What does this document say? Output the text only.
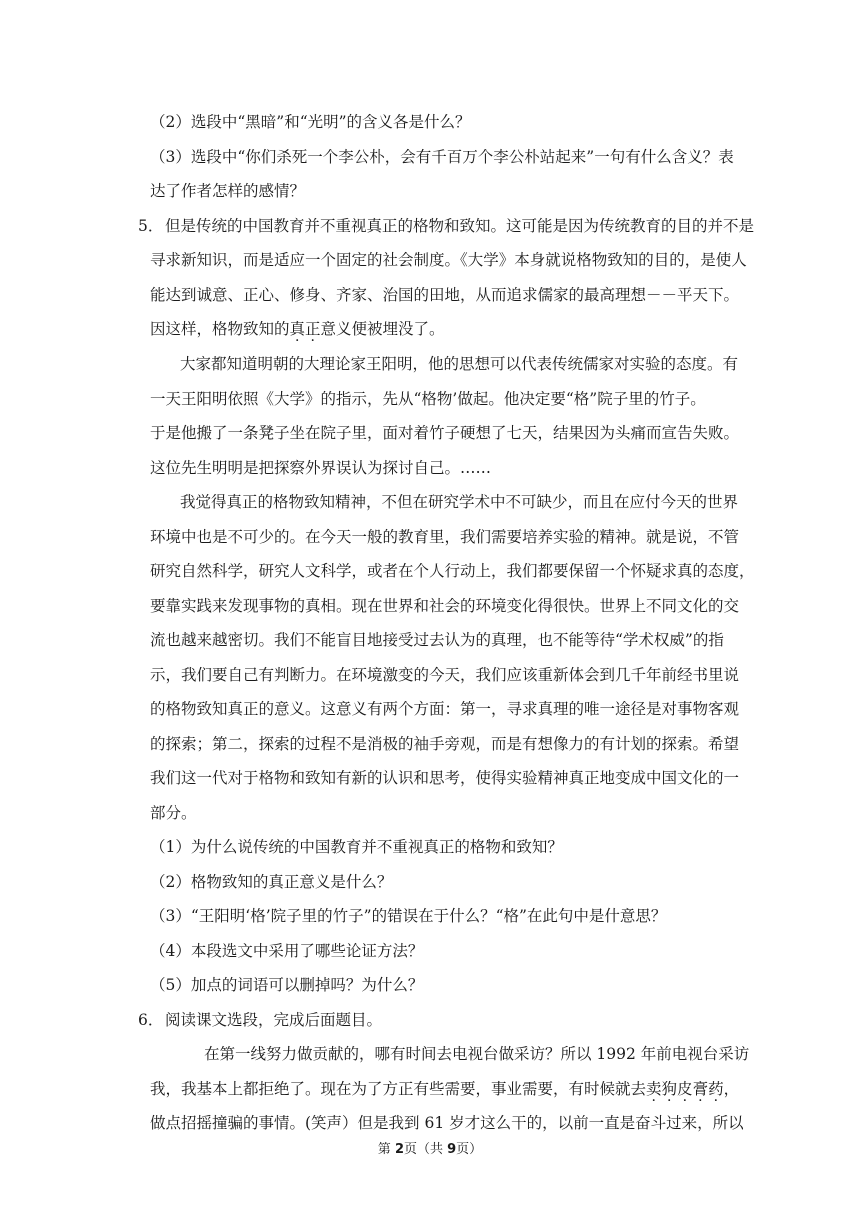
（2）选段中“黑暗”和“光明”的含义各是什么？
（3）选段中“你们杀死一个李公朴，会有千百万个李公朴站起来”一句有什么含义？表
达了作者怎样的感情？
5． 但是传统的中国教育并不重视真正的格物和致知。这可能是因为传统教育的目的并不是
寻求新知识，而是适应一个固定的社会制度。《大学》本身就说格物致知的目的，是使人
能达到诚意、正心、修身、齐家、治国的田地，从而追求儒家的最高理想－－平天下。
因这样，格物致知的真正意义便被埋没了。
大家都知道明朝的大理论家王阳明，他的思想可以代表传统儒家对实验的态度。有
一天王阳明依照《大学》的指示，先从“格物’做起。他决定要“格”院子里的竹子。
于是他搬了一条凳子坐在院子里，面对着竹子硬想了七天，结果因为头痛而宣告失败。
这位先生明明是把探察外界误认为探讨自己。……
我觉得真正的格物致知精神，不但在研究学术中不可缺少，而且在应付今天的世界
环境中也是不可少的。在今天一般的教育里，我们需要培养实验的精神。就是说，不管
研究自然科学，研究人文科学，或者在个人行动上，我们都要保留一个怀疑求真的态度，
要靠实践来发现事物的真相。现在世界和社会的环境变化得很快。世界上不同文化的交
流也越来越密切。我们不能盲目地接受过去认为的真理，也不能等待“学术权威”的指
示，我们要自己有判断力。在环境激变的今天，我们应该重新体会到几千年前经书里说
的格物致知真正的意义。这意义有两个方面：第一，寻求真理的唯一途径是对事物客观
的探索；第二，探索的过程不是消极的袖手旁观，而是有想像力的有计划的探索。希望
我们这一代对于格物和致知有新的认识和思考，使得实验精神真正地变成中国文化的一
部分。
（1）为什么说传统的中国教育并不重视真正的格物和致知？
（2）格物致知的真正意义是什么？
（3）“王阳明‘格’院子里的竹子”的错误在于什么？“格”在此句中是什意思？
（4）本段选文中采用了哪些论证方法？
（5）加点的词语可以删掉吗？为什么？
6． 阅读课文选段，完成后面题目。
在第一线努力做贡献的，哪有时间去电视台做采访？所以 1992 年前电视台采访
我，我基本上都拒绝了。现在为了方正有些需要，事业需要，有时候就去卖狗皮膏药，
做点招摇撞骗的事情。(笑声）但是我到 61 岁才这么干的，以前一直是奋斗过来，所以
第 2页（共 9页）
